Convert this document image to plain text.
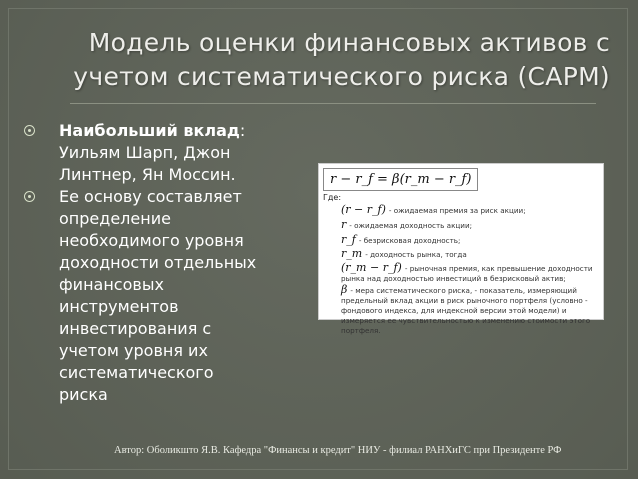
Модель оценки финансовых активов с
учетом систематического риска (CAPM)
Наибольший вклад:
Уильям Шарп, Джон
Линтнер, Ян Моссин.
Ее основу составляет
определение
необходимого уровня
доходности отдельных
финансовых
инструментов
инвестирования с
учетом уровня их
систематического
риска
r − r_f = β(r_m − r_f)
Где:
(r − r_f) - ожидаемая премия за риск акции;
r - ожидаемая доходность акции;
r_f - безрисковая доходность;
r_m - доходность рынка, тогда
(r_m − r_f) - рыночная премия, как превышение доходности рынка над доходностью инвестиций в безрисковый актив;
β - мера систематического риска, - показатель, измеряющий предельный вклад акции в риск рыночного портфеля (условно - фондового индекса, для индексной версии этой модели) и измеряется ее чувствительностью к изменению стоимости этого портфеля.
Автор: Оболикшто Я.В. Кафедра "Финансы и кредит" НИУ - филиал РАНХиГС при Президенте РФ
